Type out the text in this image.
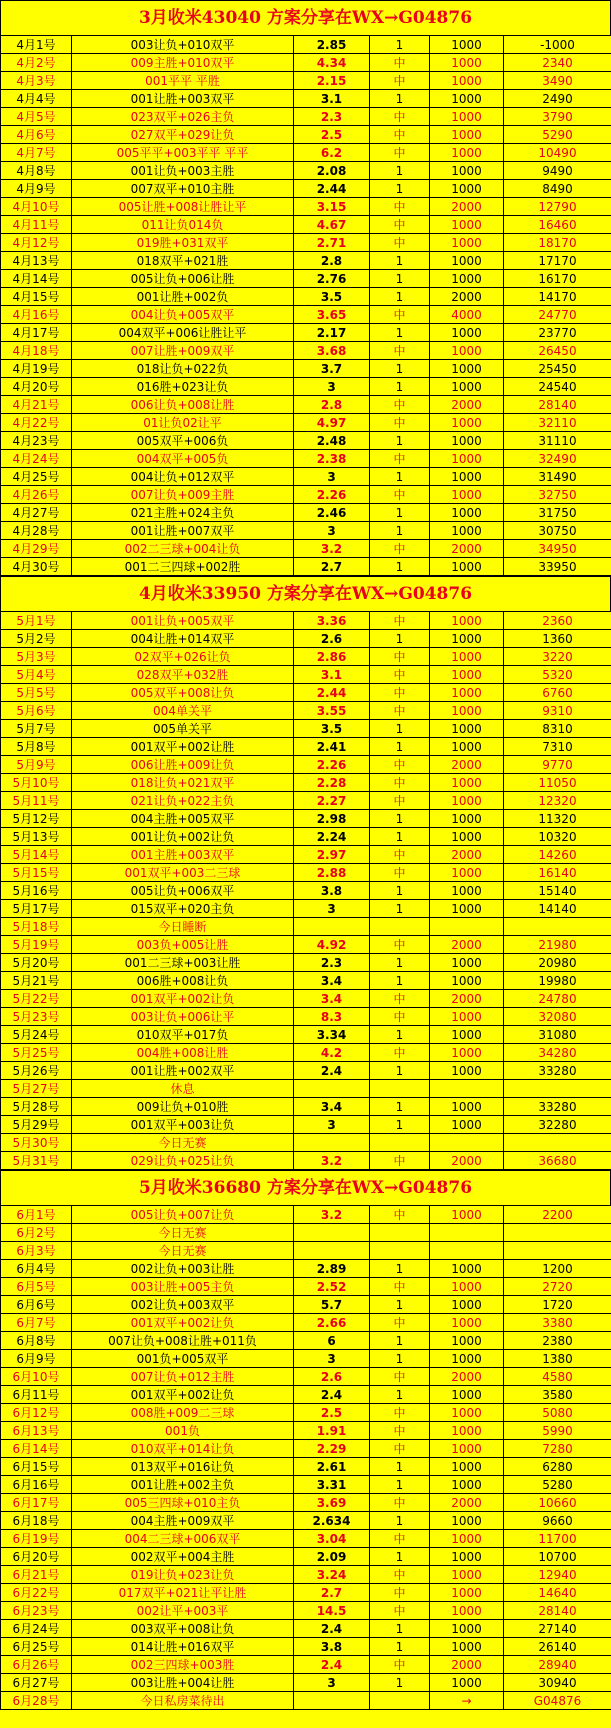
3月收米43040 方案分享在WX→G04876
4月1号	003让负+010双平	2.85	1	1000	-1000
4月2号	009主胜+010双平	4.34	中	1000	2340
4月3号	001平平 平胜	2.15	中	1000	3490
4月4号	001让胜+003双平	3.1	1	1000	2490
4月5号	023双平+026主负	2.3	中	1000	3790
4月6号	027双平+029让负	2.5	中	1000	5290
4月7号	005平平+003平平 平平	6.2	中	1000	10490
4月8号	001让负+003主胜	2.08	1	1000	9490
4月9号	007双平+010主胜	2.44	1	1000	8490
4月10号	005让胜+008让胜让平	3.15	中	2000	12790
4月11号	011让负014负	4.67	中	1000	16460
4月12号	019胜+031双平	2.71	中	1000	18170
4月13号	018双平+021胜	2.8	1	1000	17170
4月14号	005让负+006让胜	2.76	1	1000	16170
4月15号	001让胜+002负	3.5	1	2000	14170
4月16号	004让负+005双平	3.65	中	4000	24770
4月17号	004双平+006让胜让平	2.17	1	1000	23770
4月18号	007让胜+009双平	3.68	中	1000	26450
4月19号	018让负+022负	3.7	1	1000	25450
4月20号	016胜+023让负	3	1	1000	24540
4月21号	006让负+008让胜	2.8	中	2000	28140
4月22号	01让负02让平	4.97	中	1000	32110
4月23号	005双平+006负	2.48	1	1000	31110
4月24号	004双平+005负	2.38	中	1000	32490
4月25号	004让负+012双平	3	1	1000	31490
4月26号	007让负+009主胜	2.26	中	1000	32750
4月27号	021主胜+024主负	2.46	1	1000	31750
4月28号	001让胜+007双平	3	1	1000	30750
4月29号	002二三球+004让负	3.2	中	2000	34950
4月30号	001二三四球+002胜	2.7	1	1000	33950
4月收米33950 方案分享在WX→G04876
5月1号	001让负+005双平	3.36	中	1000	2360
5月2号	004让胜+014双平	2.6	1	1000	1360
5月3号	02双平+026让负	2.86	中	1000	3220
5月4号	028双平+032胜	3.1	中	1000	5320
5月5号	005双平+008让负	2.44	中	1000	6760
5月6号	004单关平	3.55	中	1000	9310
5月7号	005单关平	3.5	1	1000	8310
5月8号	001双平+002让胜	2.41	1	1000	7310
5月9号	006让胜+009让负	2.26	中	2000	9770
5月10号	018让负+021双平	2.28	中	1000	11050
5月11号	021让负+022主负	2.27	中	1000	12320
5月12号	004主胜+005双平	2.98	1	1000	11320
5月13号	001让负+002让负	2.24	1	1000	10320
5月14号	001主胜+003双平	2.97	中	2000	14260
5月15号	001双平+003二三球	2.88	中	1000	16140
5月16号	005让负+006双平	3.8	1	1000	15140
5月17号	015双平+020主负	3	1	1000	14140
5月18号	今日睡断				
5月19号	003负+005让胜	4.92	中	2000	21980
5月20号	001二三球+003让胜	2.3	1	1000	20980
5月21号	006胜+008让负	3.4	1	1000	19980
5月22号	001双平+002让负	3.4	中	2000	24780
5月23号	003让负+006让平	8.3	中	1000	32080
5月24号	010双平+017负	3.34	1	1000	31080
5月25号	004胜+008让胜	4.2	中	1000	34280
5月26号	001让胜+002双平	2.4	1	1000	33280
5月27号	休息				
5月28号	009让负+010胜	3.4	1	1000	33280
5月29号	001双平+003让负	3	1	1000	32280
5月30号	今日无赛				
5月31号	029让负+025让负	3.2	中	2000	36680
5月收米36680 方案分享在WX→G04876
6月1号	005让负+007让负	3.2	中	1000	2200
6月2号	今日无赛				
6月3号	今日无赛				
6月4号	002让负+003让胜	2.89	1	1000	1200
6月5号	003让胜+005主负	2.52	中	1000	2720
6月6号	002让负+003双平	5.7	1	1000	1720
6月7号	001双平+002让负	2.66	中	1000	3380
6月8号	007让负+008让胜+011负	6	1	1000	2380
6月9号	001负+005双平	3	1	1000	1380
6月10号	007让负+012主胜	2.6	中	2000	4580
6月11号	001双平+002让负	2.4	1	1000	3580
6月12号	008胜+009二三球	2.5	中	1000	5080
6月13号	001负	1.91	中	1000	5990
6月14号	010双平+014让负	2.29	中	1000	7280
6月15号	013双平+016让负	2.61	1	1000	6280
6月16号	001让胜+002主负	3.31	1	1000	5280
6月17号	005三四球+010主负	3.69	中	2000	10660
6月18号	004主胜+009双平	2.634	1	1000	9660
6月19号	004二三球+006双平	3.04	中	1000	11700
6月20号	002双平+004主胜	2.09	1	1000	10700
6月21号	019让负+023让负	3.24	中	1000	12940
6月22号	017双平+021让平让胜	2.7	中	1000	14640
6月23号	002让平+003平	14.5	中	1000	28140
6月24号	003双平+008让负	2.4	1	1000	27140
6月25号	014让胜+016双平	3.8	1	1000	26140
6月26号	002三四球+003胜	2.4	中	2000	28940
6月27号	003让胜+004让胜	3	1	1000	30940
6月28号	今日私房菜待出			→	G04876
